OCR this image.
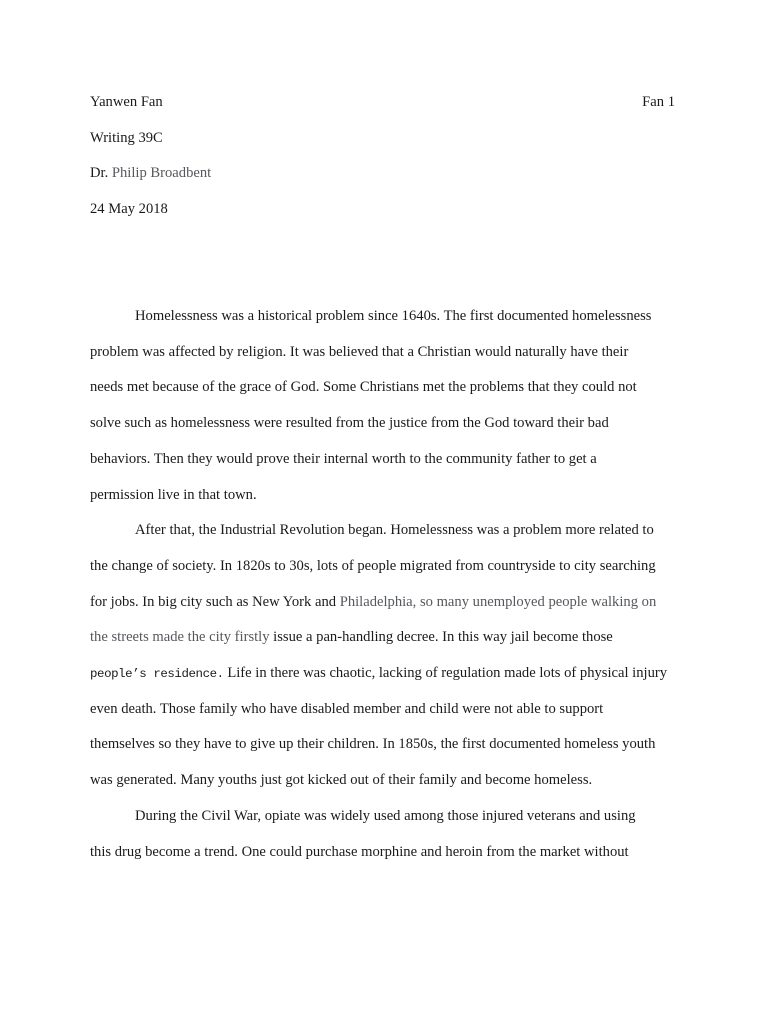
Yanwen Fan	Fan 1
Writing 39C
Dr. Philip Broadbent
24 May 2018
Homelessness was a historical problem since 1640s. The first documented homelessness
problem was affected by religion. It was believed that a Christian would naturally have their
needs met because of the grace of God. Some Christians met the problems that they could not
solve such as homelessness were resulted from the justice from the God toward their bad
behaviors. Then they would prove their internal worth to the community father to get a
permission live in that town.
After that, the Industrial Revolution began. Homelessness was a problem more related to
the change of society. In 1820s to 30s, lots of people migrated from countryside to city searching
for jobs. In big city such as New York and Philadelphia, so many unemployed people walking on
the streets made the city firstly issue a pan-handling decree. In this way jail become those
people’s residence. Life in there was chaotic, lacking of regulation made lots of physical injury
even death. Those family who have disabled member and child were not able to support
themselves so they have to give up their children. In 1850s, the first documented homeless youth
was generated. Many youths just got kicked out of their family and become homeless.
During the Civil War, opiate was widely used among those injured veterans and using
this drug become a trend. One could purchase morphine and heroin from the market without
